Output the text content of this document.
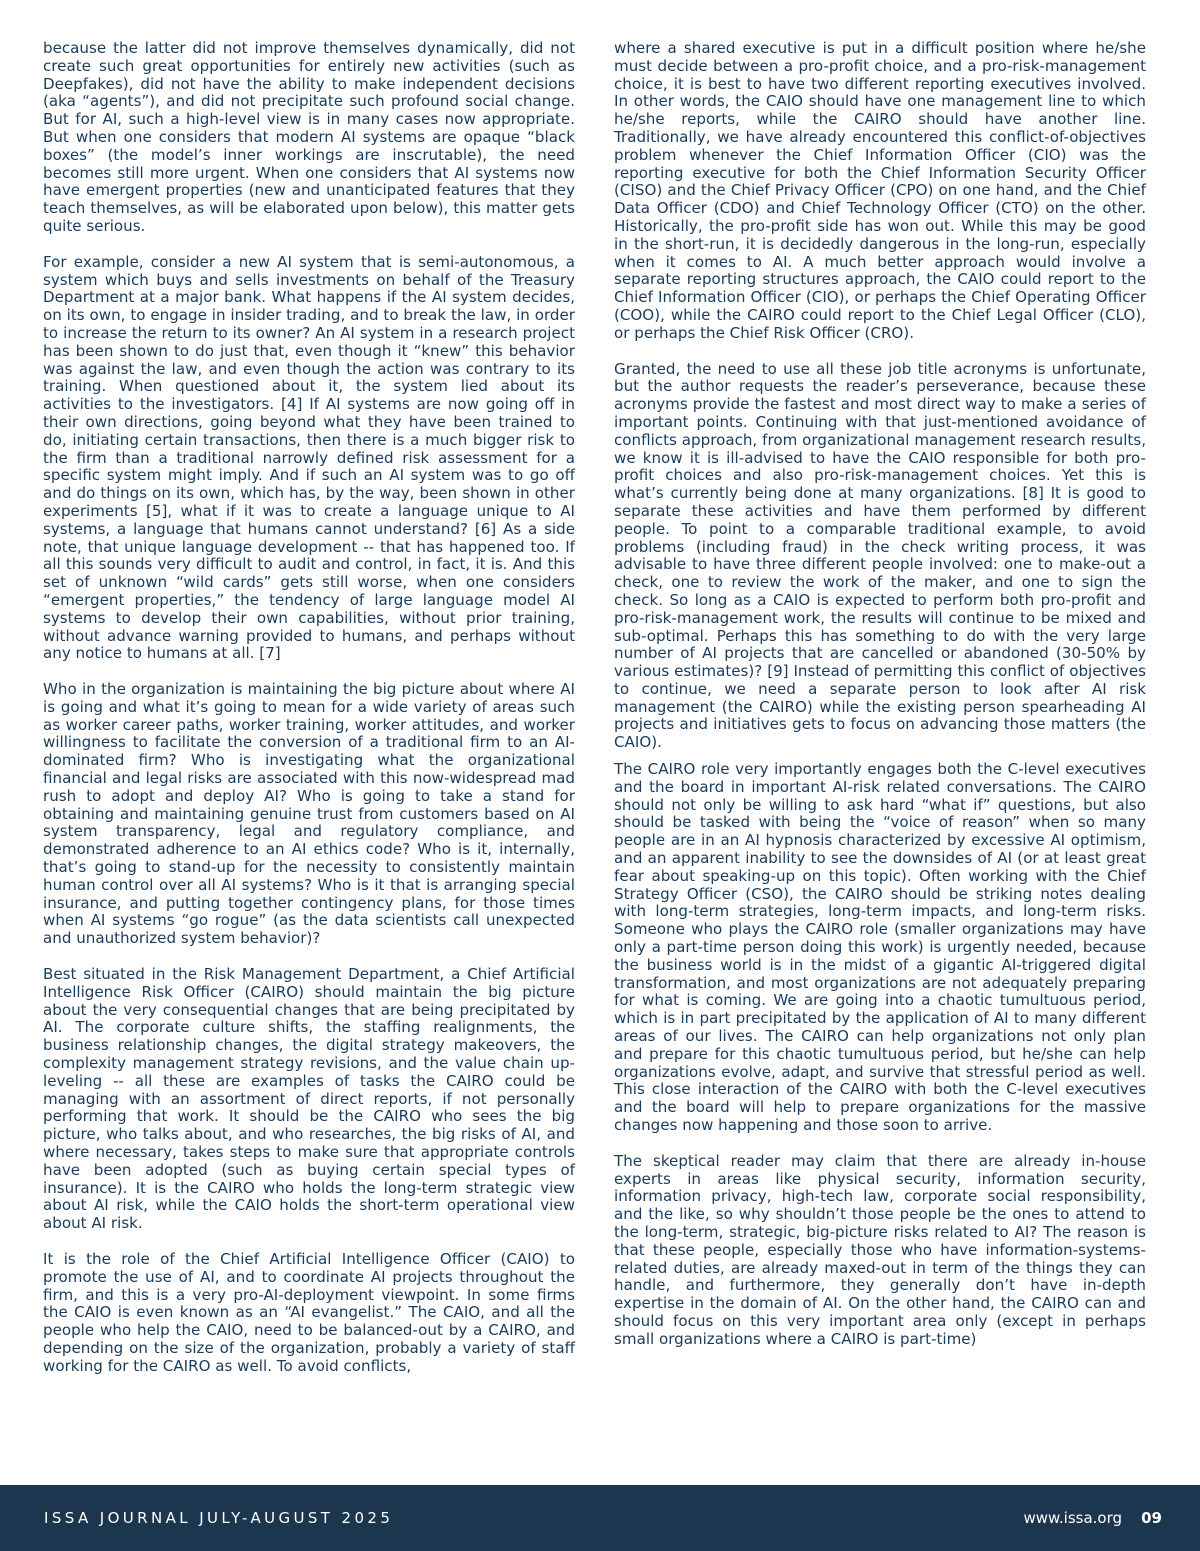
because the latter did not improve themselves dynamically, did not create such great opportunities for entirely new activities (such as Deepfakes), did not have the ability to make independent decisions (aka “agents”), and did not precipitate such profound social change. But for AI, such a high-level view is in many cases now appropriate. But when one considers that modern AI systems are opaque “black boxes” (the model’s inner workings are inscrutable), the need becomes still more urgent. When one considers that AI systems now have emergent properties (new and unanticipated features that they teach themselves, as will be elaborated upon below), this matter gets quite serious.

For example, consider a new AI system that is semi-autonomous, a system which buys and sells investments on behalf of the Treasury Department at a major bank. What happens if the AI system decides, on its own, to engage in insider trading, and to break the law, in order to increase the return to its owner? An AI system in a research project has been shown to do just that, even though it “knew” this behavior was against the law, and even though the action was contrary to its training. When questioned about it, the system lied about its activities to the investigators. [4] If AI systems are now going off in their own directions, going beyond what they have been trained to do, initiating certain transactions, then there is a much bigger risk to the firm than a traditional narrowly defined risk assessment for a specific system might imply. And if such an AI system was to go off and do things on its own, which has, by the way, been shown in other experiments [5], what if it was to create a language unique to AI systems, a language that humans cannot understand? [6] As a side note, that unique language development -- that has happened too. If all this sounds very difficult to audit and control, in fact, it is. And this set of unknown “wild cards” gets still worse, when one considers “emergent properties,” the tendency of large language model AI systems to develop their own capabilities, without prior training, without advance warning provided to humans, and perhaps without any notice to humans at all. [7]

Who in the organization is maintaining the big picture about where AI is going and what it’s going to mean for a wide variety of areas such as worker career paths, worker training, worker attitudes, and worker willingness to facilitate the conversion of a traditional firm to an AI-dominated firm? Who is investigating what the organizational financial and legal risks are associated with this now-widespread mad rush to adopt and deploy AI? Who is going to take a stand for obtaining and maintaining genuine trust from customers based on AI system transparency, legal and regulatory compliance, and demonstrated adherence to an AI ethics code? Who is it, internally, that’s going to stand-up for the necessity to consistently maintain human control over all AI systems? Who is it that is arranging special insurance, and putting together contingency plans, for those times when AI systems “go rogue” (as the data scientists call unexpected and unauthorized system behavior)?

Best situated in the Risk Management Department, a Chief Artificial Intelligence Risk Officer (CAIRO) should maintain the big picture about the very consequential changes that are being precipitated by AI. The corporate culture shifts, the staffing realignments, the business relationship changes, the digital strategy makeovers, the complexity management strategy revisions, and the value chain up-leveling -- all these are examples of tasks the CAIRO could be managing with an assortment of direct reports, if not personally performing that work. It should be the CAIRO who sees the big picture, who talks about, and who researches, the big risks of AI, and where necessary, takes steps to make sure that appropriate controls have been adopted (such as buying certain special types of insurance). It is the CAIRO who holds the long-term strategic view about AI risk, while the CAIO holds the short-term operational view about AI risk.

It is the role of the Chief Artificial Intelligence Officer (CAIO) to promote the use of AI, and to coordinate AI projects throughout the firm, and this is a very pro-AI-deployment viewpoint. In some firms the CAIO is even known as an “AI evangelist.” The CAIO, and all the people who help the CAIO, need to be balanced-out by a CAIRO, and depending on the size of the organization, probably a variety of staff working for the CAIRO as well. To avoid conflicts,

where a shared executive is put in a difficult position where he/she must decide between a pro-profit choice, and a pro-risk-management choice, it is best to have two different reporting executives involved. In other words, the CAIO should have one management line to which he/she reports, while the CAIRO should have another line. Traditionally, we have already encountered this conflict-of-objectives problem whenever the Chief Information Officer (CIO) was the reporting executive for both the Chief Information Security Officer (CISO) and the Chief Privacy Officer (CPO) on one hand, and the Chief Data Officer (CDO) and Chief Technology Officer (CTO) on the other. Historically, the pro-profit side has won out. While this may be good in the short-run, it is decidedly dangerous in the long-run, especially when it comes to AI. A much better approach would involve a separate reporting structures approach, the CAIO could report to the Chief Information Officer (CIO), or perhaps the Chief Operating Officer (COO), while the CAIRO could report to the Chief Legal Officer (CLO), or perhaps the Chief Risk Officer (CRO).

Granted, the need to use all these job title acronyms is unfortunate, but the author requests the reader’s perseverance, because these acronyms provide the fastest and most direct way to make a series of important points. Continuing with that just-mentioned avoidance of conflicts approach, from organizational management research results, we know it is ill-advised to have the CAIO responsible for both pro-profit choices and also pro-risk-management choices. Yet this is what’s currently being done at many organizations. [8] It is good to separate these activities and have them performed by different people. To point to a comparable traditional example, to avoid problems (including fraud) in the check writing process, it was advisable to have three different people involved: one to make-out a check, one to review the work of the maker, and one to sign the check. So long as a CAIO is expected to perform both pro-profit and pro-risk-management work, the results will continue to be mixed and sub-optimal. Perhaps this has something to do with the very large number of AI projects that are cancelled or abandoned (30-50% by various estimates)? [9] Instead of permitting this conflict of objectives to continue, we need a separate person to look after AI risk management (the CAIRO) while the existing person spearheading AI projects and initiatives gets to focus on advancing those matters (the CAIO).

The CAIRO role very importantly engages both the C-level executives and the board in important AI-risk related conversations. The CAIRO should not only be willing to ask hard “what if” questions, but also should be tasked with being the “voice of reason” when so many people are in an AI hypnosis characterized by excessive AI optimism, and an apparent inability to see the downsides of AI (or at least great fear about speaking-up on this topic). Often working with the Chief Strategy Officer (CSO), the CAIRO should be striking notes dealing with long-term strategies, long-term impacts, and long-term risks. Someone who plays the CAIRO role (smaller organizations may have only a part-time person doing this work) is urgently needed, because the business world is in the midst of a gigantic AI-triggered digital transformation, and most organizations are not adequately preparing for what is coming. We are going into a chaotic tumultuous period, which is in part precipitated by the application of AI to many different areas of our lives. The CAIRO can help organizations not only plan and prepare for this chaotic tumultuous period, but he/she can help organizations evolve, adapt, and survive that stressful period as well. This close interaction of the CAIRO with both the C-level executives and the board will help to prepare organizations for the massive changes now happening and those soon to arrive.

The skeptical reader may claim that there are already in-house experts in areas like physical security, information security, information privacy, high-tech law, corporate social responsibility, and the like, so why shouldn’t those people be the ones to attend to the long-term, strategic, big-picture risks related to AI? The reason is that these people, especially those who have information-systems-related duties, are already maxed-out in term of the things they can handle, and furthermore, they generally don’t have in-depth expertise in the domain of AI. On the other hand, the CAIRO can and should focus on this very important area only (except in perhaps small organizations where a CAIRO is part-time)

ISSA JOURNAL JULY-AUGUST 2025	www.issa.org 09
